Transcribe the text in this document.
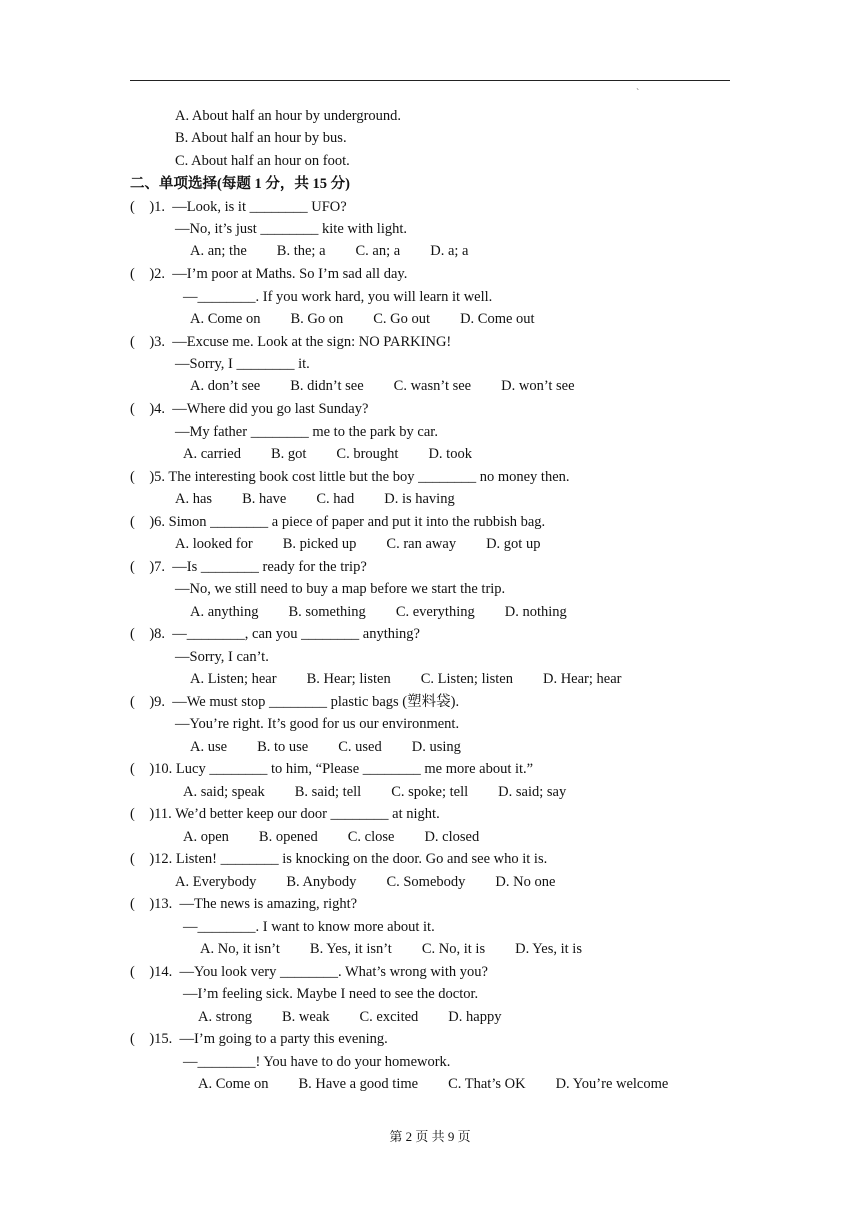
`
A. About half an hour by underground.
B. About half an hour by bus.
C. About half an hour on foot.
二、单项选择(每题 1 分，共 15 分)
(    )1.  —Look, is it ________ UFO?
—No, it’s just ________ kite with light.
A. an; the B. the; a C. an; a D. a; a
(    )2.  —I’m poor at Maths. So I’m sad all day.
—________. If you work hard, you will learn it well.
A. Come on B. Go on C. Go out D. Come out
(    )3.  —Excuse me. Look at the sign: NO PARKING!
—Sorry, I ________ it.
A. don’t see B. didn’t see C. wasn’t see D. won’t see
(    )4.  —Where did you go last Sunday?
—My father ________ me to the park by car.
A. carried B. got C. brought D. took
(    )5. The interesting book cost little but the boy ________ no money then.
A. has B. have C. had D. is having
(    )6. Simon ________ a piece of paper and put it into the rubbish bag.
A. looked for B. picked up C. ran away D. got up
(    )7.  —Is ________ ready for the trip?
—No, we still need to buy a map before we start the trip.
A. anything B. something C. everything D. nothing
(    )8.  —________, can you ________ anything?
—Sorry, I can’t.
A. Listen; hear B. Hear; listen C. Listen; listen D. Hear; hear
(    )9.  —We must stop ________ plastic bags (塑料袋).
—You’re right. It’s good for us our environment.
A. use B. to use C. used D. using
(    )10. Lucy ________ to him, “Please ________ me more about it.”
A. said; speak B. said; tell C. spoke; tell D. said; say
(    )11. We’d better keep our door ________ at night.
A. open B. opened C. close D. closed
(    )12. Listen! ________ is knocking on the door. Go and see who it is.
A. Everybody B. Anybody C. Somebody D. No one
(    )13.  —The news is amazing, right?
—________. I want to know more about it.
A. No, it isn’t B. Yes, it isn’t C. No, it is D. Yes, it is
(    )14.  —You look very ________. What’s wrong with you?
—I’m feeling sick. Maybe I need to see the doctor.
A. strong B. weak C. excited D. happy
(    )15.  —I’m going to a party this evening.
—________! You have to do your homework.
A. Come on B. Have a good time C. That’s OK D. You’re welcome
第 2 页 共 9 页
